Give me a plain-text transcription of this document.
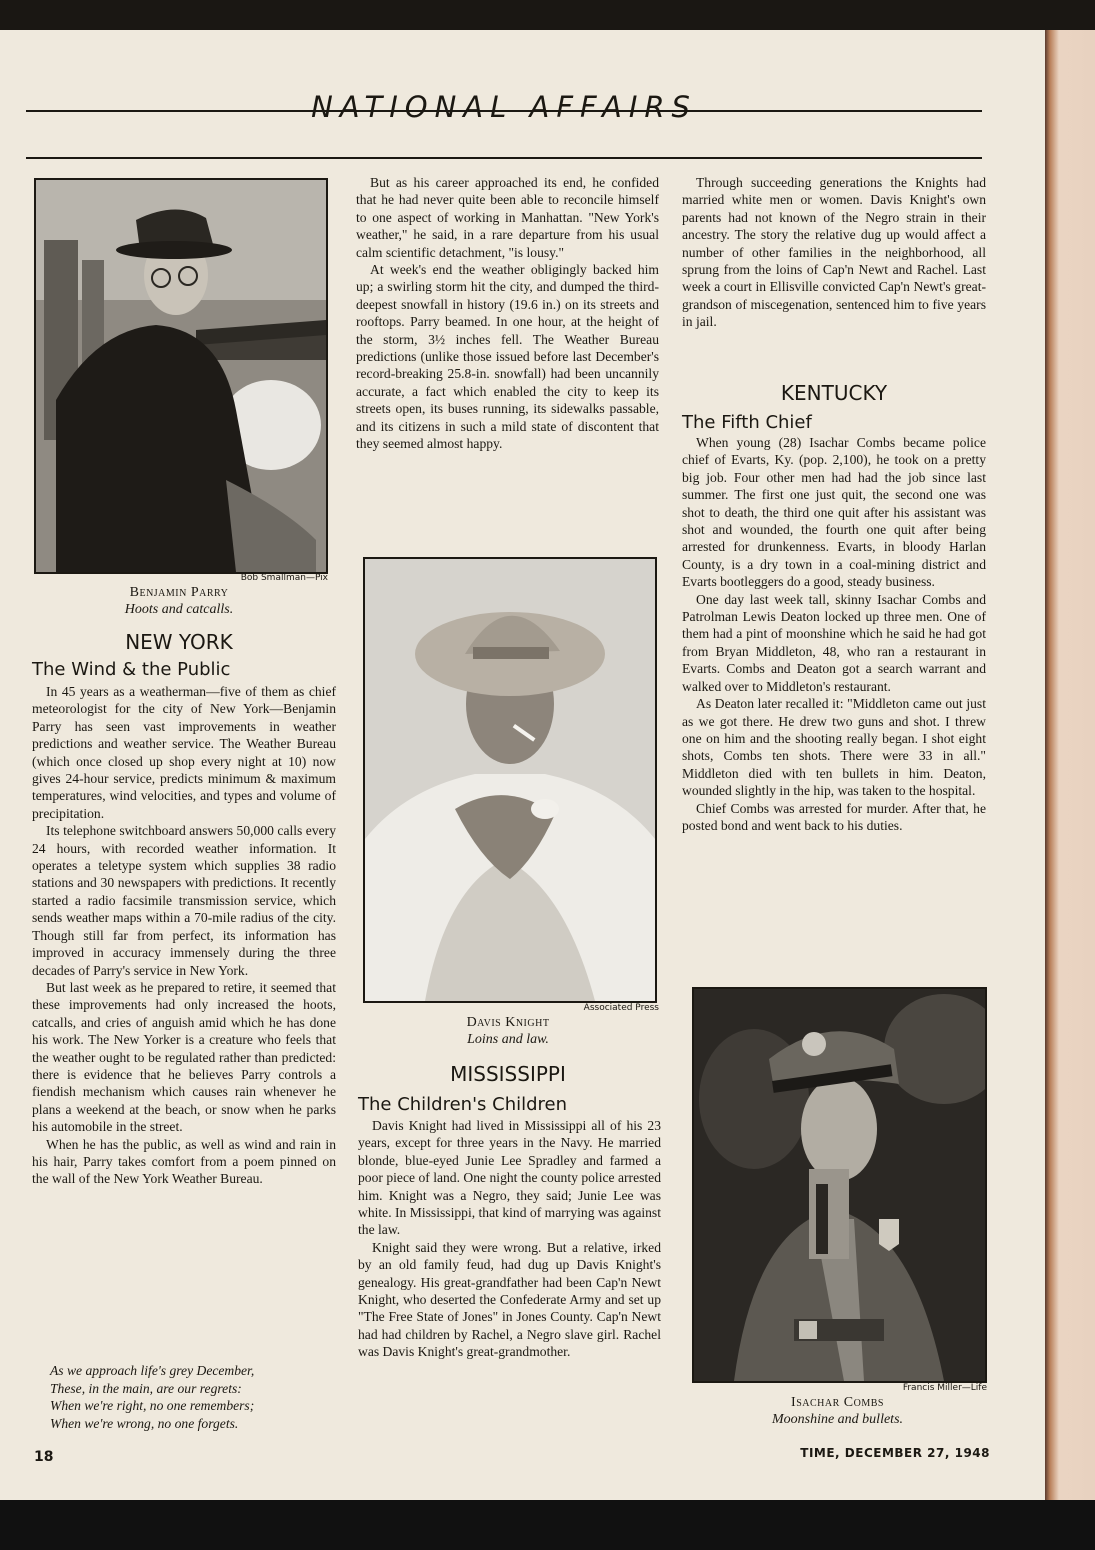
NATIONAL AFFAIRS
Bob Smallman—Pix
Benjamin Parry
Hoots and catcalls.
NEW YORK
The Wind & the Public

In 45 years as a weatherman—five of them as chief meteorologist for the city of New York—Benjamin Parry has seen vast improvements in weather predictions and weather service. The Weather Bureau (which once closed up shop every night at 10) now gives 24-hour service, predicts minimum & maximum temperatures, wind velocities, and types and volume of precipitation.

Its telephone switchboard answers 50,000 calls every 24 hours, with recorded weather information. It operates a teletype system which supplies 38 radio stations and 30 newspapers with predictions. It recently started a radio facsimile transmission service, which sends weather maps within a 70-mile radius of the city. Though still far from perfect, its information has improved in accuracy immensely during the three decades of Parry's service in New York.

But last week as he prepared to retire, it seemed that these improvements had only increased the hoots, catcalls, and cries of anguish amid which he has done his work. The New Yorker is a creature who feels that the weather ought to be regulated rather than predicted: there is evidence that he believes Parry controls a fiendish mechanism which causes rain whenever he plans a weekend at the beach, or snow when he parks his automobile in the street.

When he has the public, as well as wind and rain in his hair, Parry takes comfort from a poem pinned on the wall of the New York Weather Bureau.

As we approach life's grey December,
These, in the main, are our regrets:
When we're right, no one remembers;
When we're wrong, no one forgets.

But as his career approached its end, he confided that he had never quite been able to reconcile himself to one aspect of working in Manhattan. "New York's weather," he said, in a rare departure from his usual calm scientific detachment, "is lousy."

At week's end the weather obligingly backed him up; a swirling storm hit the city, and dumped the third-deepest snowfall in history (19.6 in.) on its streets and rooftops. Parry beamed. In one hour, at the height of the storm, 3½ inches fell. The Weather Bureau predictions (unlike those issued before last December's record-breaking 25.8-in. snowfall) had been uncannily accurate, a fact which enabled the city to keep its streets open, its buses running, its sidewalks passable, and its citizens in such a mild state of discontent that they seemed almost happy.

Associated Press
Davis Knight
Loins and law.
MISSISSIPPI
The Children's Children

Davis Knight had lived in Mississippi all of his 23 years, except for three years in the Navy. He married blonde, blue-eyed Junie Lee Spradley and farmed a poor piece of land. One night the county police arrested him. Knight was a Negro, they said; Junie Lee was white. In Mississippi, that kind of marrying was against the law.

Knight said they were wrong. But a relative, irked by an old family feud, had dug up Davis Knight's genealogy. His great-grandfather had been Cap'n Newt Knight, who deserted the Confederate Army and set up "The Free State of Jones" in Jones County. Cap'n Newt had had children by Rachel, a Negro slave girl. Rachel was Davis Knight's great-grandmother.

Through succeeding generations the Knights had married white men or women. Davis Knight's own parents had not known of the Negro strain in their ancestry. The story the relative dug up would affect a number of other families in the neighborhood, all sprung from the loins of Cap'n Newt and Rachel. Last week a court in Ellisville convicted Cap'n Newt's great-grandson of miscegenation, sentenced him to five years in jail.

KENTUCKY
The Fifth Chief

When young (28) Isachar Combs became police chief of Evarts, Ky. (pop. 2,100), he took on a pretty big job. Four other men had had the job since last summer. The first one just quit, the second one was shot to death, the third one quit after his assistant was shot and wounded, the fourth one quit after being arrested for drunkenness. Evarts, in bloody Harlan County, is a dry town in a coal-mining district and Evarts bootleggers do a good, steady business.

One day last week tall, skinny Isachar Combs and Patrolman Lewis Deaton locked up three men. One of them had a pint of moonshine which he said he had got from Bryan Middleton, 48, who ran a restaurant in Evarts. Combs and Deaton got a search warrant and walked over to Middleton's restaurant.

As Deaton later recalled it: "Middleton came out just as we got there. He drew two guns and shot. I threw one on him and the shooting really began. I shot eight shots, Combs ten shots. There were 33 in all." Middleton died with ten bullets in him. Deaton, wounded slightly in the hip, was taken to the hospital.

Chief Combs was arrested for murder. After that, he posted bond and went back to his duties.

Francis Miller—Life
Isachar Combs
Moonshine and bullets.
18	TIME, DECEMBER 27, 1948
